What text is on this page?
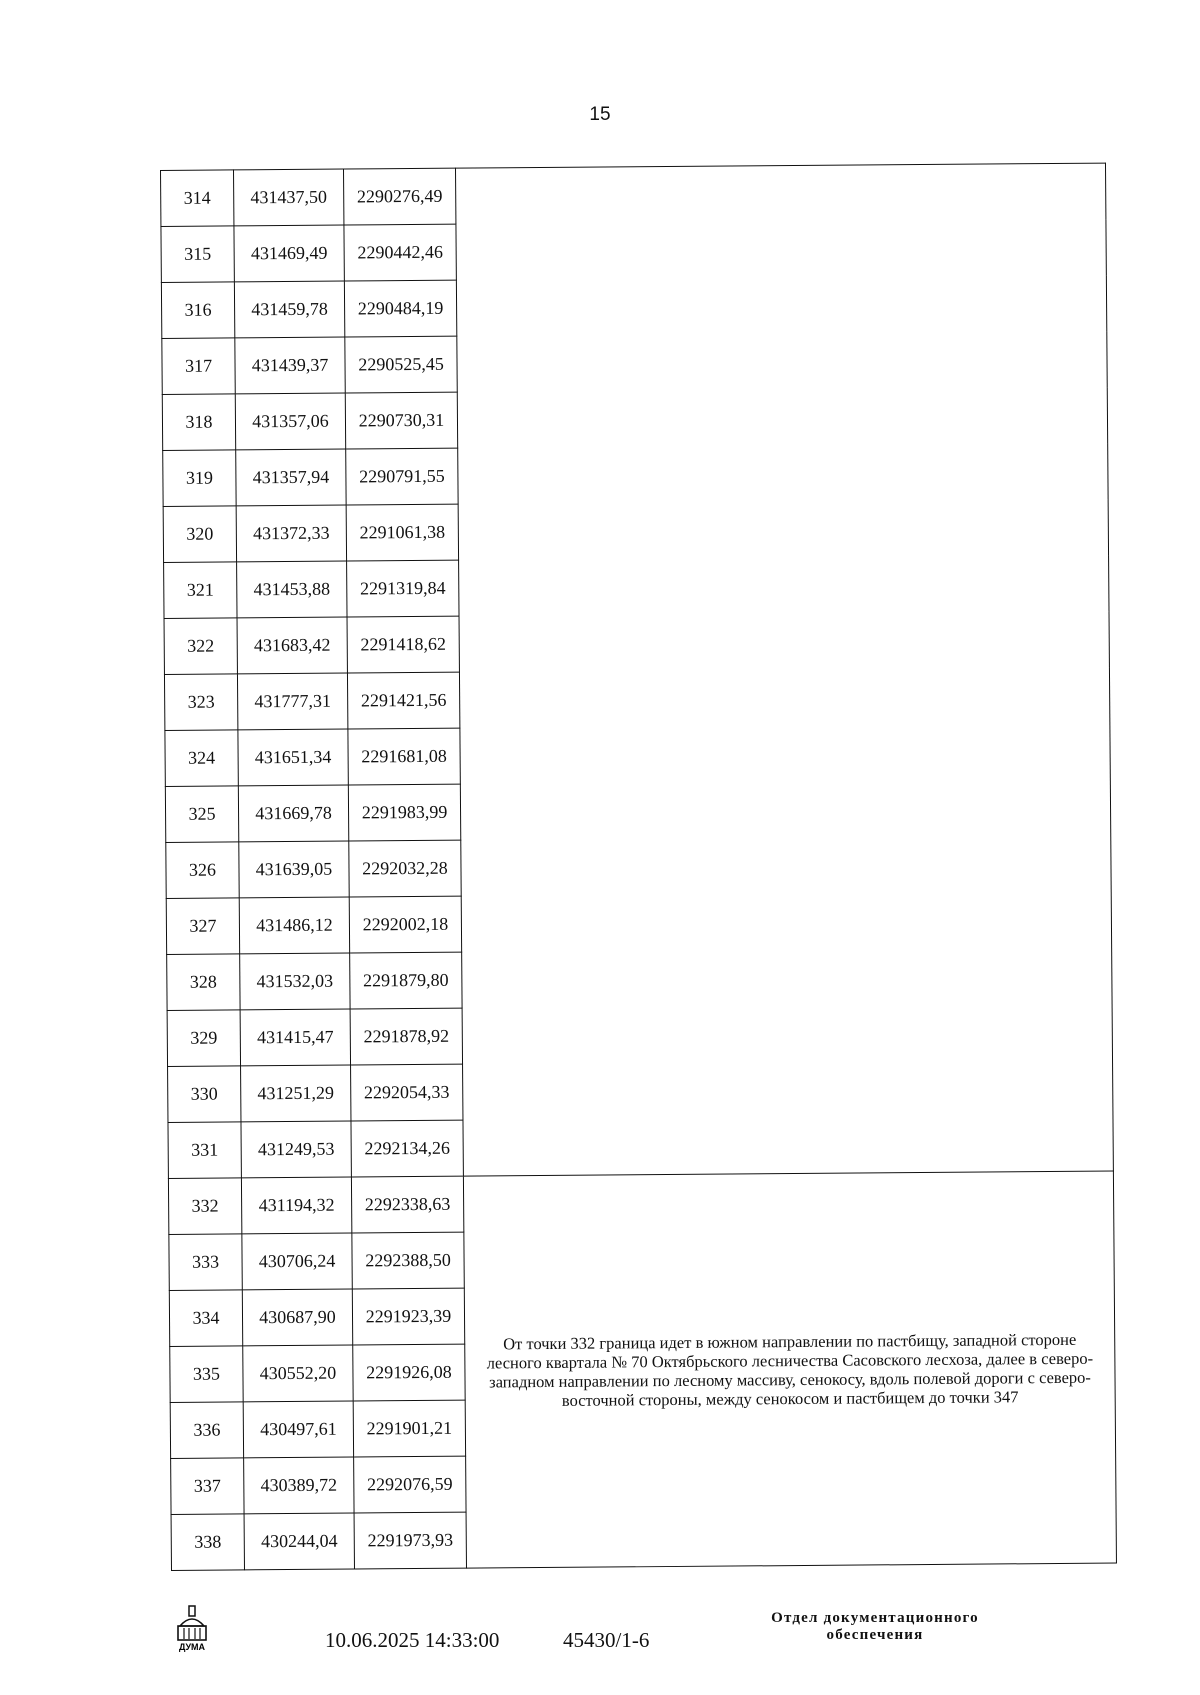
15
314	431437,50	2290276,49	
315	431469,49	2290442,46	
316	431459,78	2290484,19	
317	431439,37	2290525,45	
318	431357,06	2290730,31	
319	431357,94	2290791,55	
320	431372,33	2291061,38	
321	431453,88	2291319,84	
322	431683,42	2291418,62	
323	431777,31	2291421,56	
324	431651,34	2291681,08	
325	431669,78	2291983,99	
326	431639,05	2292032,28	
327	431486,12	2292002,18	
328	431532,03	2291879,80	
329	431415,47	2291878,92	
330	431251,29	2292054,33	
331	431249,53	2292134,26	
332	431194,32	2292338,63	От точки 332 граница идет в южном направлении по пастбищу, западной стороне лесного квартала № 70 Октябрьского лесничества Сасовского лесхоза, далее в северо-западном направлении по лесному массиву, сенокосу, вдоль полевой дороги с северо-восточной стороны, между сенокосом и пастбищем до точки 347
333	430706,24	2292388,50	
334	430687,90	2291923,39	
335	430552,20	2291926,08	
336	430497,61	2291901,21	
337	430389,72	2292076,59	
338	430244,04	2291973,93	
ДУМА	10.06.2025 14:33:00	45430/1-6
Отдел документационного
обеспечения
